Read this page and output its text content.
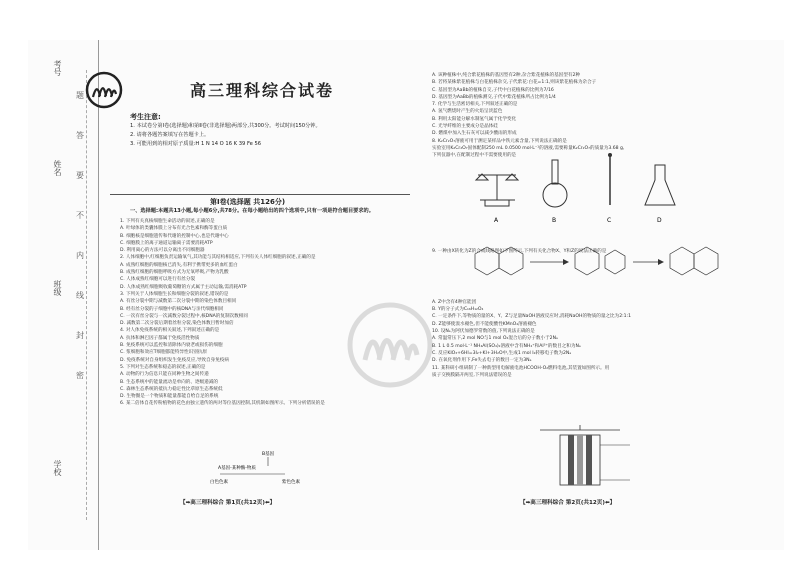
考号
姓名
班级
学校
题
答
要
不
内
线
封
密
高三理科综合试卷
考生注意:
1. 本试卷分第Ⅰ卷(选择题)和第Ⅱ卷(非选择题)两部分,共300分。考试时间150分钟。
2. 请将各题答案填写在答题卡上。
3. 可能用到的相对原子质量:H 1 N 14 O 16 K 39 Fe 56
第Ⅰ卷(选择题 共126分)
一、选择题:本题共13小题,每小题6分,共78分。在每小题给出的四个选项中,只有一项是符合题目要求的。
1. 下列有关真核细胞生命活动的叙述,正确的是
A. 叶绿体的类囊体膜上分布有光合色素和酶等蛋白质
B. 细胞核是细胞遗传和代谢的控制中心,也是代谢中心
C. 细胞膜上的离子通道运输离子需要消耗ATP
D. 利用离心的方法可以分离出不同细胞器
2. 人体细胞中,红细胞负责运输氧气,其功能与其结构相适应,下列有关人体红细胞的叙述,正确的是
A. 成熟红细胞的细胞核已消失,有利于携带更多的血红蛋白
B. 成熟红细胞的细胞呼吸方式为无氧呼吸,产物为乳酸
C. 人体成熟红细胞可以进行有丝分裂
D. 人体成熟红细胞吸收葡萄糖的方式属于主动运输,需消耗ATP
3. 下列关于人体细胞生长和细胞分裂的叙述,错误的是
A. 有丝分裂中期与减数第二次分裂中期的染色体数目相同
B. 经有丝分裂的子细胞中的核DNA与亲代细胞相同
C. 一次有丝分裂与一次减数分裂过程中,核DNA的复制次数相同
D. 减数第二次分裂后期着丝粒分裂,染色体数目暂时加倍
4. 对人体免疫系统的相关叙述,下列叙述正确的是
A. 抗体和淋巴因子都属于免疫活性物质
B. 免疫系统可以监控和清除体内衰老或损伤的细胞
C. 浆细胞和效应T细胞都能特异性识别抗原
D. 免疫系统对自身组织发生免疫反应,导致自身免疫病
5. 下列对生态系统和稳态的叙述,正确的是
A. 动物的行为信息只能在同种生物之间传递
B. 生态系统中的能量流动是单向的、逐级递减的
C. 森林生态系统的抵抗力稳定性比草原生态系统低
D. 生物圈是一个物质和能量都能自给自足的系统
6. 某二倍体自花传粉植物的花色由独立遗传的两对等位基因控制,其机制如图所示。下列分析错误的是
B基因
A基因-某种酶-物质
白色色素	紫色色素
A. 该种植株中,纯合紫花植株的基因型有2种,杂合紫花植株的基因型有2种
B. 若将某株紫花植株与白花植株杂交,子代紫花:白花=1:1,则该紫花植株为杂合子
C. 基因型为AaBb的植株自交,子代中白花植株的比例为7/16
D. 基因型为AaBb的植株测交,子代中紫花植株所占比例为1/4
7. 化学与生活密切相关,下列叙述正确的是
A. 氢气燃烧时产生的火焰呈淡蓝色
B. 利用太阳能分解水制氢气属于化学变化
C. 光导纤维的主要成分是晶体硅
D. 燃煤中加入生石灰可以减少酸雨的形成
8. K₂Cr₂O₇溶液可用于测定某样品中铁元素含量,下列说法正确的是
实验室用K₂Cr₂O₇固体配制250 mL 0.0500 mol·L⁻¹的溶液,需要称量K₂Cr₂O₇的质量为3.68 g,
下列仪器中,在配制过程中不需要使用的是
9. 一种由X转化为Z的合成线路图如下图所示,下列有关化合物X、Y和Z的说法正确的是
A. Z中含有4种官能团
B. Y的分子式为C₁₆H₁₂O₄
C. 一定条件下,等物质的量的X、Y、Z与足量NaOH溶液反应时,消耗NaOH的物质的量之比为2:1:1
D. Z能够使溴水褪色,但不能使酸性KMnO₄溶液褪色
10. 设Nₐ为阿伏加德罗常数的值,下列说法正确的是
A. 常温常压下,2 mol NO与1 mol O₂混合后的分子数小于2Nₐ
B. 1 L 0.5 mol·L⁻¹ NH₄Al(SO₄)₂溶液中含有NH₄⁺和Al³⁺的数目之和为Nₐ
C. 反应KIO₃+6HI=3I₂+KI+3H₂O中,生成1 mol I₂转移电子数为2Nₐ
D. 在氧化剂作用下,Fe失去电子的数目一定为3Nₐ
11. 某科研小组研制了一种新型用电解液电池HCOOH-O₂燃料电池,其装置如图所示。用
质子交换膜隔开两室,下列说法错误的是
A	B	C	D
【➡高三理科综合 第1页(共12页)⬅】	【➡高三理科综合 第2页(共12页)⬅】
